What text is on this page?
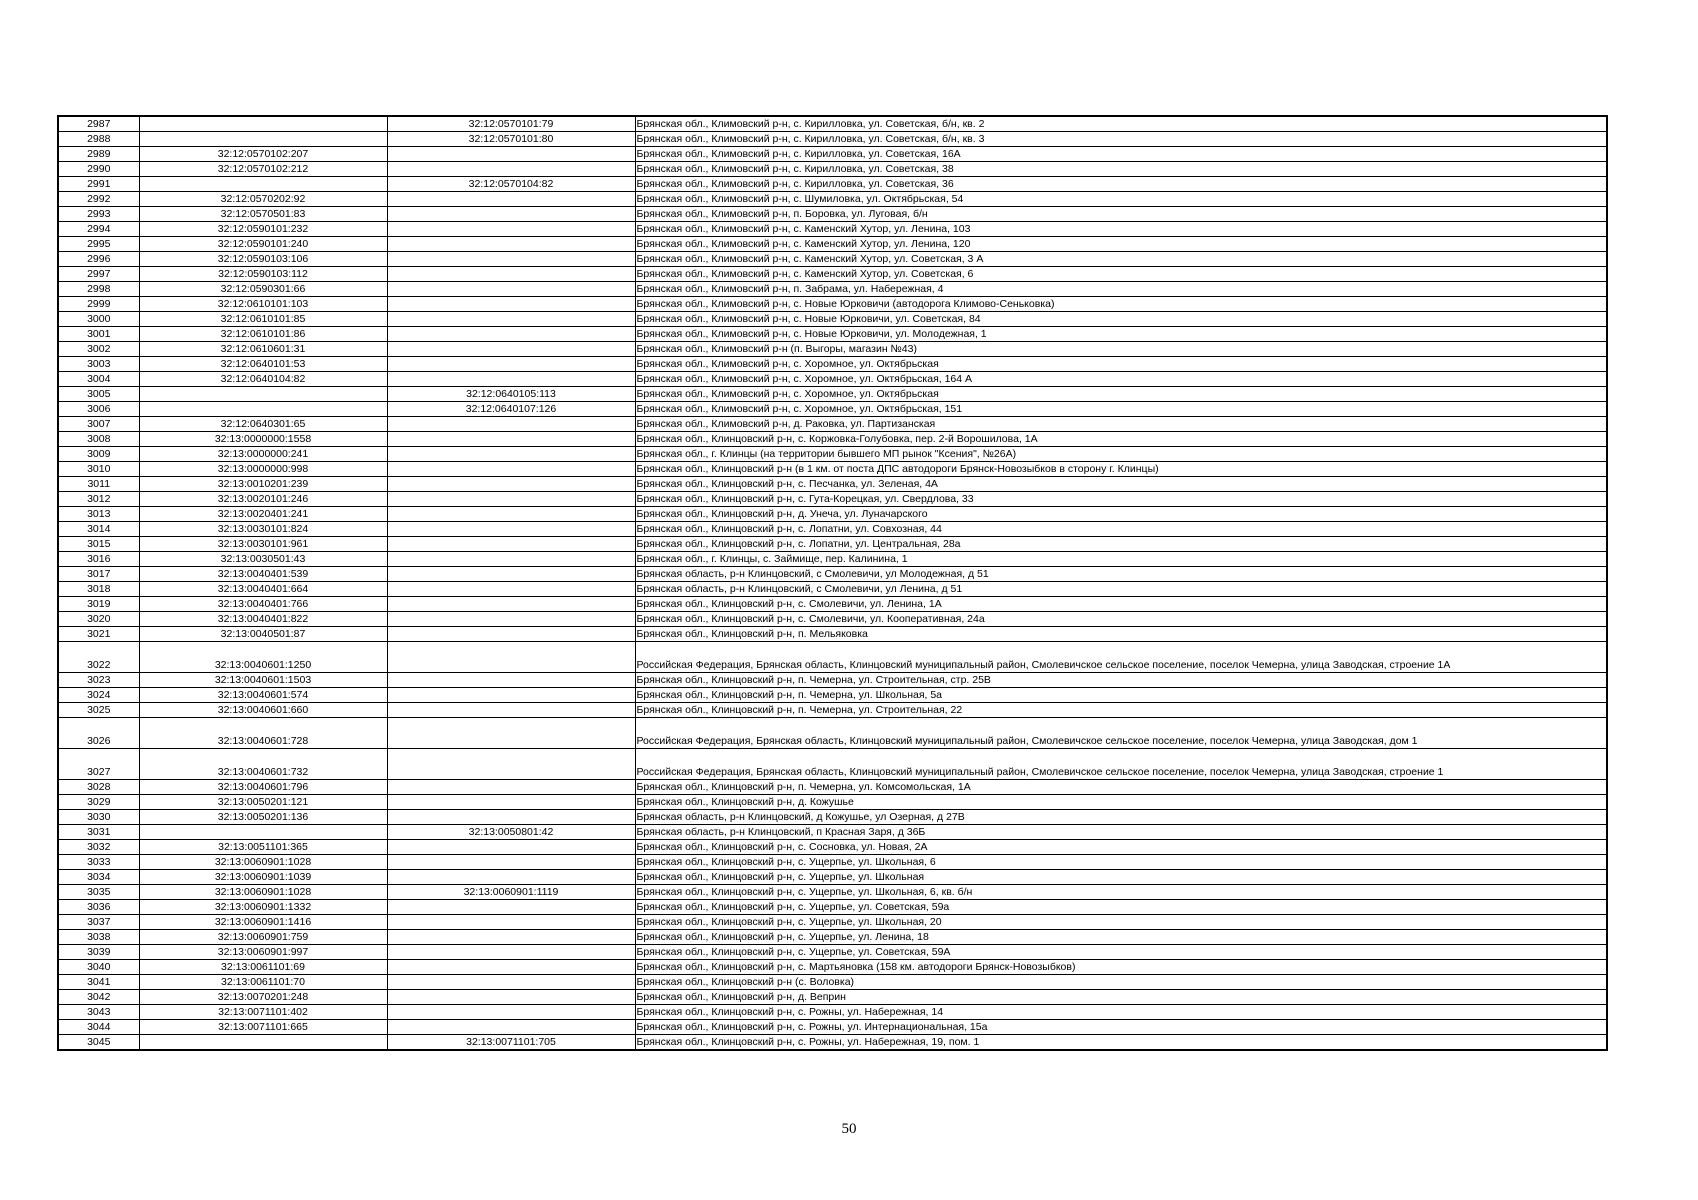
2987		32:12:0570101:79	Брянская обл., Климовский р-н, с. Кирилловка, ул. Советская, б/н, кв. 2
2988		32:12:0570101:80	Брянская обл., Климовский р-н, с. Кирилловка, ул. Советская, б/н, кв. 3
2989	32:12:0570102:207		Брянская обл., Климовский р-н, с. Кирилловка, ул. Советская, 16А
2990	32:12:0570102:212		Брянская обл., Климовский р-н, с. Кирилловка, ул. Советская, 38
2991		32:12:0570104:82	Брянская обл., Климовский р-н, с. Кирилловка, ул. Советская, 36
2992	32:12:0570202:92		Брянская обл., Климовский р-н, с. Шумиловка, ул. Октябрьская, 54
2993	32:12:0570501:83		Брянская обл., Климовский р-н, п. Боровка, ул. Луговая, б/н
2994	32:12:0590101:232		Брянская обл., Климовский р-н, с. Каменский Хутор, ул. Ленина, 103
2995	32:12:0590101:240		Брянская обл., Климовский р-н, с. Каменский Хутор, ул. Ленина, 120
2996	32:12:0590103:106		Брянская обл., Климовский р-н, с. Каменский Хутор, ул. Советская, 3 А
2997	32:12:0590103:112		Брянская обл., Климовский р-н, с. Каменский Хутор, ул. Советская, 6
2998	32:12:0590301:66		Брянская обл., Климовский р-н, п. Забрама, ул. Набережная, 4
2999	32:12:0610101:103		Брянская обл., Климовский р-н, с. Новые Юрковичи (автодорога Климово-Сеньковка)
3000	32:12:0610101:85		Брянская обл., Климовский р-н, с. Новые Юрковичи, ул. Советская, 84
3001	32:12:0610101:86		Брянская обл., Климовский р-н, с. Новые Юрковичи, ул. Молодежная, 1
3002	32:12:0610601:31		Брянская обл., Климовский р-н (п. Выгоры, магазин №43)
3003	32:12:0640101:53		Брянская обл., Климовский р-н, с. Хоромное, ул. Октябрьская
3004	32:12:0640104:82		Брянская обл., Климовский р-н, с. Хоромное, ул. Октябрьская, 164 А
3005		32:12:0640105:113	Брянская обл., Климовский р-н, с. Хоромное, ул. Октябрьская
3006		32:12:0640107:126	Брянская обл., Климовский р-н, с. Хоромное, ул. Октябрьская, 151
3007	32:12:0640301:65		Брянская обл., Климовский р-н, д. Раковка, ул. Партизанская
3008	32:13:0000000:1558		Брянская обл., Клинцовский р-н, с. Коржовка-Голубовка, пер. 2-й Ворошилова, 1А
3009	32:13:0000000:241		Брянская обл., г. Клинцы (на территории бывшего МП рынок "Ксения", №26А)
3010	32:13:0000000:998		Брянская обл., Клинцовский р-н (в 1 км. от поста ДПС автодороги Брянск-Новозыбков в сторону г. Клинцы)
3011	32:13:0010201:239		Брянская обл., Клинцовский р-н, с. Песчанка, ул. Зеленая, 4А
3012	32:13:0020101:246		Брянская обл., Клинцовский р-н, с. Гута-Корецкая, ул. Свердлова, 33
3013	32:13:0020401:241		Брянская обл., Клинцовский р-н, д. Унеча, ул. Луначарского
3014	32:13:0030101:824		Брянская обл., Клинцовский р-н, с. Лопатни, ул. Совхозная, 44
3015	32:13:0030101:961		Брянская обл., Клинцовский р-н, с. Лопатни, ул. Центральная, 28а
3016	32:13:0030501:43		Брянская обл., г. Клинцы, с. Займище, пер. Калинина, 1
3017	32:13:0040401:539		Брянская область, р-н Клинцовский, с Смолевичи, ул Молодежная, д 51
3018	32:13:0040401:664		Брянская область, р-н Клинцовский, с Смолевичи, ул Ленина, д 51
3019	32:13:0040401:766		Брянская обл., Клинцовский р-н, с. Смолевичи, ул. Ленина, 1А
3020	32:13:0040401:822		Брянская обл., Клинцовский р-н, с. Смолевичи, ул. Кооперативная, 24а
3021	32:13:0040501:87		Брянская обл., Клинцовский р-н, п. Мельяковка
3022	32:13:0040601:1250		Российская Федерация, Брянская область, Клинцовский муниципальный район, Смолевичское сельское поселение, поселок Чемерна, улица Заводская, строение 1А
3023	32:13:0040601:1503		Брянская обл., Клинцовский р-н, п. Чемерна, ул. Строительная, стр. 25В
3024	32:13:0040601:574		Брянская обл., Клинцовский р-н, п. Чемерна, ул. Школьная, 5а
3025	32:13:0040601:660		Брянская обл., Клинцовский р-н, п. Чемерна, ул. Строительная, 22
3026	32:13:0040601:728		Российская Федерация, Брянская область, Клинцовский муниципальный район, Смолевичское сельское поселение, поселок Чемерна, улица Заводская, дом 1
3027	32:13:0040601:732		Российская Федерация, Брянская область, Клинцовский муниципальный район, Смолевичское сельское поселение, поселок Чемерна, улица Заводская, строение 1
3028	32:13:0040601:796		Брянская обл., Клинцовский р-н, п. Чемерна, ул. Комсомольская, 1А
3029	32:13:0050201:121		Брянская обл., Клинцовский р-н, д. Кожушье
3030	32:13:0050201:136		Брянская область, р-н Клинцовский, д Кожушье, ул Озерная, д 27В
3031		32:13:0050801:42	Брянская область, р-н Клинцовский, п Красная Заря, д 36Б
3032	32:13:0051101:365		Брянская обл., Клинцовский р-н, с. Сосновка, ул. Новая, 2А
3033	32:13:0060901:1028		Брянская обл., Клинцовский р-н, с. Ущерпье, ул. Школьная, 6
3034	32:13:0060901:1039		Брянская обл., Клинцовский р-н, с. Ущерпье, ул. Школьная
3035	32:13:0060901:1028	32:13:0060901:1119	Брянская обл., Клинцовский р-н, с. Ущерпье, ул. Школьная, 6, кв. б/н
3036	32:13:0060901:1332		Брянская обл., Клинцовский р-н, с. Ущерпье, ул. Советская, 59а
3037	32:13:0060901:1416		Брянская обл., Клинцовский р-н, с. Ущерпье, ул. Школьная, 20
3038	32:13:0060901:759		Брянская обл., Клинцовский р-н, с. Ущерпье, ул. Ленина, 18
3039	32:13:0060901:997		Брянская обл., Клинцовский р-н, с. Ущерпье, ул. Советская, 59А
3040	32:13:0061101:69		Брянская обл., Клинцовский р-н, с. Мартьяновка (158 км. автодороги Брянск-Новозыбков)
3041	32:13:0061101:70		Брянская обл., Клинцовский р-н (с. Воловка)
3042	32:13:0070201:248		Брянская обл., Клинцовский р-н, д. Веприн
3043	32:13:0071101:402		Брянская обл., Клинцовский р-н, с. Рожны, ул. Набережная, 14
3044	32:13:0071101:665		Брянская обл., Клинцовский р-н, с. Рожны, ул. Интернациональная, 15а
3045		32:13:0071101:705	Брянская обл., Клинцовский р-н, с. Рожны, ул. Набережная, 19, пом. 1
50
